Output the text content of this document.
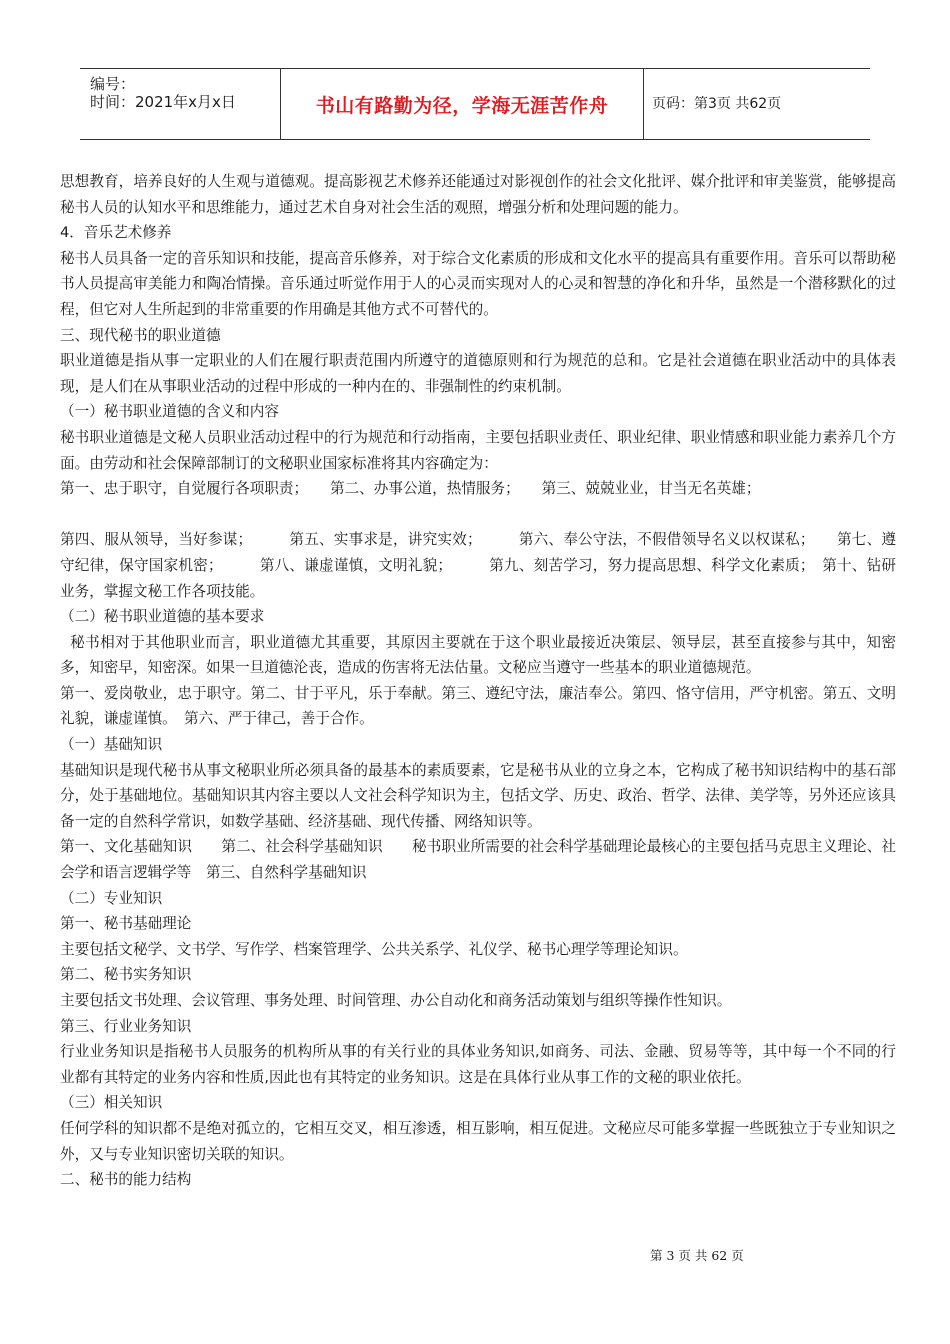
编号：
时间：2021年x月x日	书山有路勤为径，学海无涯苦作舟	页码：第3页 共62页

思想教育，培养良好的人生观与道德观。提高影视艺术修养还能通过对影视创作的社会文化批评、媒介批评和审美鉴赏，能够提高秘书人员的认知水平和思维能力，通过艺术自身对社会生活的观照，增强分析和处理问题的能力。

4．音乐艺术修养

秘书人员具备一定的音乐知识和技能，提高音乐修养，对于综合文化素质的形成和文化水平的提高具有重要作用。音乐可以帮助秘书人员提高审美能力和陶冶情操。音乐通过听觉作用于人的心灵而实现对人的心灵和智慧的净化和升华，虽然是一个潜移默化的过程，但它对人生所起到的非常重要的作用确是其他方式不可替代的。

三、现代秘书的职业道德

职业道德是指从事一定职业的人们在履行职责范围内所遵守的道德原则和行为规范的总和。它是社会道德在职业活动中的具体表现，是人们在从事职业活动的过程中形成的一种内在的、非强制性的约束机制。

（一）秘书职业道德的含义和内容

秘书职业道德是文秘人员职业活动过程中的行为规范和行动指南，主要包括职业责任、职业纪律、职业情感和职业能力素养几个方面。由劳动和社会保障部制订的文秘职业国家标准将其内容确定为：

第一、忠于职守，自觉履行各项职责；　　第二、办事公道，热情服务；　　第三、兢兢业业，甘当无名英雄；

第四、服从领导，当好参谋；　　　第五、实事求是，讲究实效；　　　第六、奉公守法，不假借领导名义以权谋私；　　第七、遵守纪律，保守国家机密；　　　第八、谦虚谨慎，文明礼貌；　　　第九、刻苦学习，努力提高思想、科学文化素质；　第十、钻研业务，掌握文秘工作各项技能。

（二）秘书职业道德的基本要求

秘书相对于其他职业而言，职业道德尤其重要，其原因主要就在于这个职业最接近决策层、领导层，甚至直接参与其中，知密多，知密早，知密深。如果一旦道德沦丧，造成的伤害将无法估量。文秘应当遵守一些基本的职业道德规范。

第一、爱岗敬业，忠于职守。第二、甘于平凡，乐于奉献。第三、遵纪守法，廉洁奉公。第四、恪守信用，严守机密。第五、文明礼貌，谦虚谨慎。　第六、严于律己，善于合作。

（一）基础知识

基础知识是现代秘书从事文秘职业所必须具备的最基本的素质要素，它是秘书从业的立身之本，它构成了秘书知识结构中的基石部分，处于基础地位。基础知识其内容主要以人文社会科学知识为主，包括文学、历史、政治、哲学、法律、美学等，另外还应该具备一定的自然科学常识，如数学基础、经济基础、现代传播、网络知识等。

第一、文化基础知识　　第二、社会科学基础知识　　秘书职业所需要的社会科学基础理论最核心的主要包括马克思主义理论、社会学和语言逻辑学等　第三、自然科学基础知识

（二）专业知识

第一、秘书基础理论

主要包括文秘学、文书学、写作学、档案管理学、公共关系学、礼仪学、秘书心理学等理论知识。

第二、秘书实务知识

主要包括文书处理、会议管理、事务处理、时间管理、办公自动化和商务活动策划与组织等操作性知识。

第三、行业业务知识

行业业务知识是指秘书人员服务的机构所从事的有关行业的具体业务知识,如商务、司法、金融、贸易等等，其中每一个不同的行业都有其特定的业务内容和性质,因此也有其特定的业务知识。这是在具体行业从事工作的文秘的职业依托。

（三）相关知识

任何学科的知识都不是绝对孤立的，它相互交叉，相互渗透，相互影响，相互促进。文秘应尽可能多掌握一些既独立于专业知识之外，又与专业知识密切关联的知识。

二、秘书的能力结构

第 3 页 共 62 页
